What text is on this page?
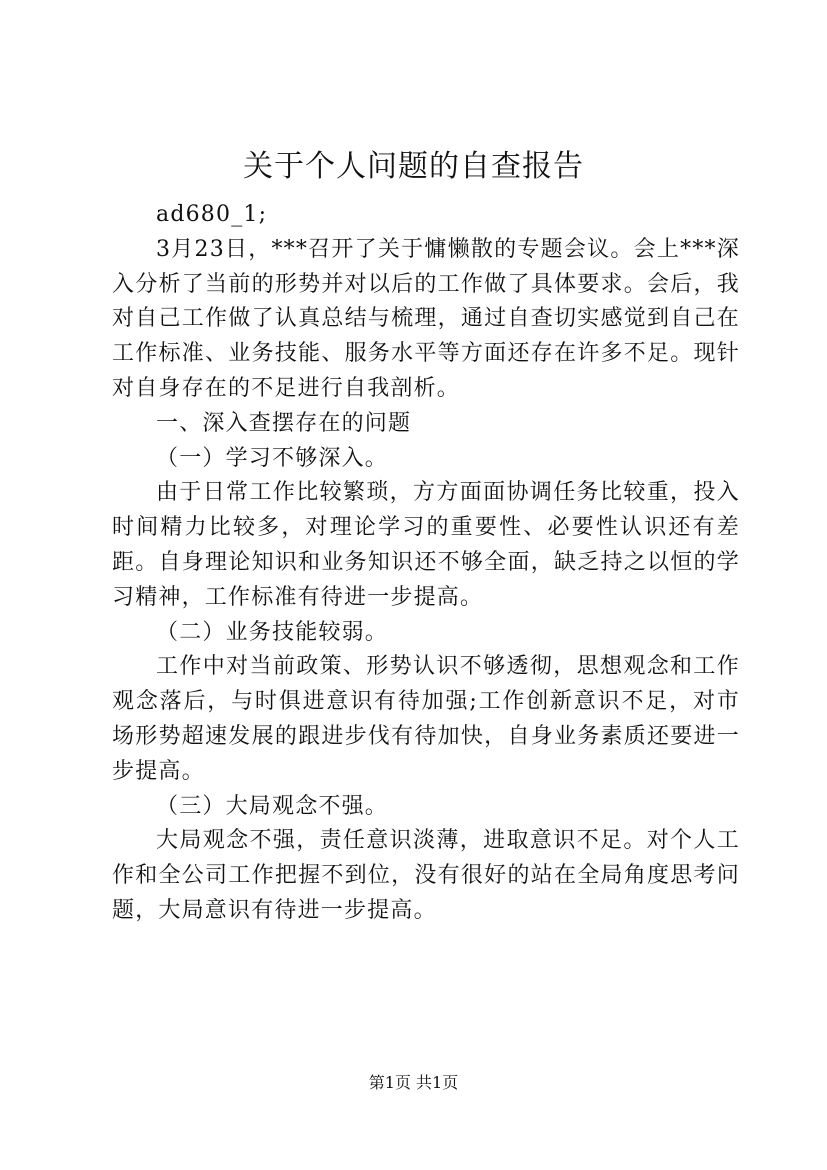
关于个人问题的自查报告

ad680_1;

3月23日，***召开了关于慵懒散的专题会议。会上***深入分析了当前的形势并对以后的工作做了具体要求。会后，我对自己工作做了认真总结与梳理，通过自查切实感觉到自己在工作标准、业务技能、服务水平等方面还存在许多不足。现针对自身存在的不足进行自我剖析。

一、深入查摆存在的问题

（一）学习不够深入。

由于日常工作比较繁琐，方方面面协调任务比较重，投入时间精力比较多，对理论学习的重要性、必要性认识还有差距。自身理论知识和业务知识还不够全面，缺乏持之以恒的学习精神，工作标准有待进一步提高。

（二）业务技能较弱。

工作中对当前政策、形势认识不够透彻，思想观念和工作观念落后，与时俱进意识有待加强;工作创新意识不足，对市场形势超速发展的跟进步伐有待加快，自身业务素质还要进一步提高。

（三）大局观念不强。

大局观念不强，责任意识淡薄，进取意识不足。对个人工作和全公司工作把握不到位，没有很好的站在全局角度思考问题，大局意识有待进一步提高。

第1页 共1页
